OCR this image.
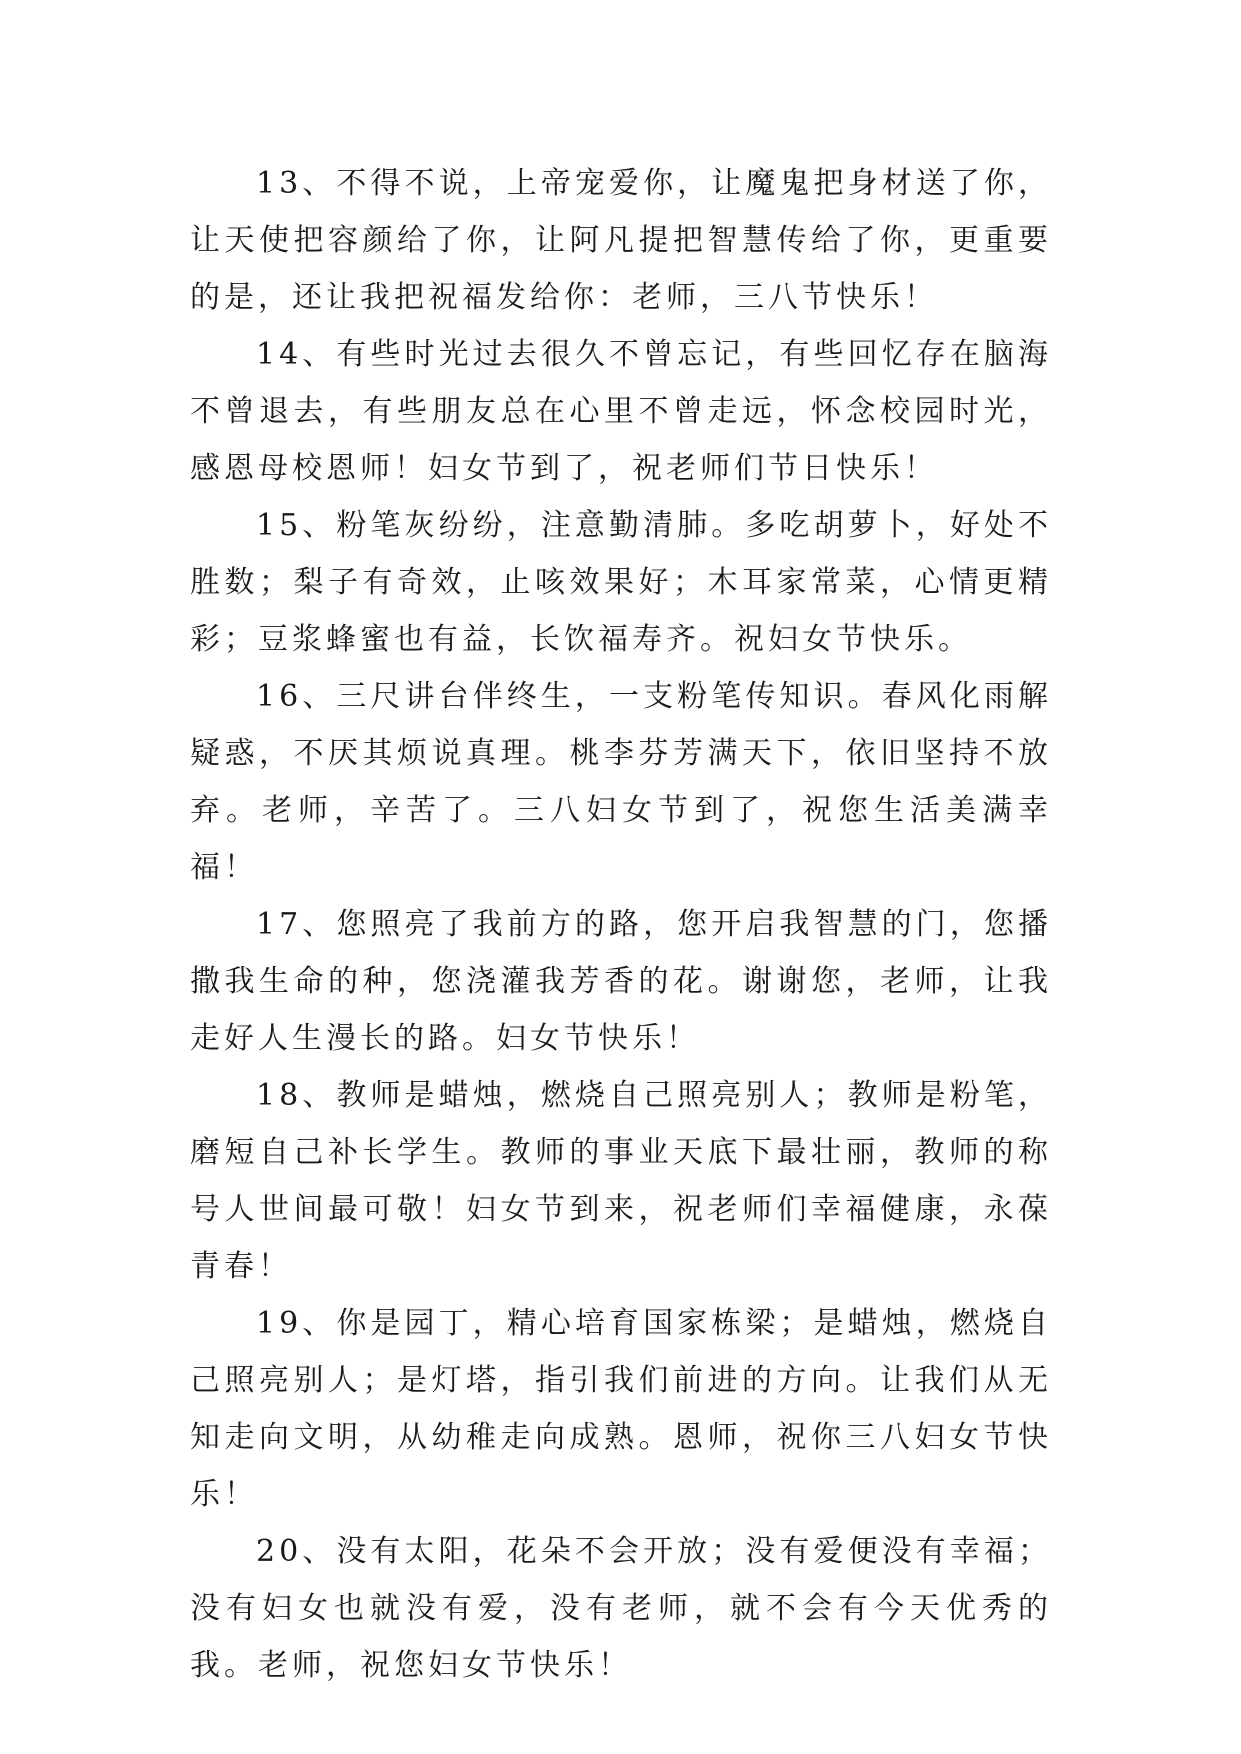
13、不得不说，上帝宠爱你，让魔鬼把身材送了你，让天使把容颜给了你，让阿凡提把智慧传给了你，更重要的是，还让我把祝福发给你：老师，三八节快乐！

14、有些时光过去很久不曾忘记，有些回忆存在脑海不曾退去，有些朋友总在心里不曾走远，怀念校园时光，感恩母校恩师！妇女节到了，祝老师们节日快乐！

15、粉笔灰纷纷，注意勤清肺。多吃胡萝卜，好处不胜数；梨子有奇效，止咳效果好；木耳家常菜，心情更精彩；豆浆蜂蜜也有益，长饮福寿齐。祝妇女节快乐。

16、三尺讲台伴终生，一支粉笔传知识。春风化雨解疑惑，不厌其烦说真理。桃李芬芳满天下，依旧坚持不放弃。老师，辛苦了。三八妇女节到了，祝您生活美满幸福！

17、您照亮了我前方的路，您开启我智慧的门，您播撒我生命的种，您浇灌我芳香的花。谢谢您，老师，让我走好人生漫长的路。妇女节快乐！

18、教师是蜡烛，燃烧自己照亮别人；教师是粉笔，磨短自己补长学生。教师的事业天底下最壮丽，教师的称号人世间最可敬！妇女节到来，祝老师们幸福健康，永葆青春！

19、你是园丁，精心培育国家栋梁；是蜡烛，燃烧自己照亮别人；是灯塔，指引我们前进的方向。让我们从无知走向文明，从幼稚走向成熟。恩师，祝你三八妇女节快乐！

20、没有太阳，花朵不会开放；没有爱便没有幸福；没有妇女也就没有爱，没有老师，就不会有今天优秀的我。老师，祝您妇女节快乐！
